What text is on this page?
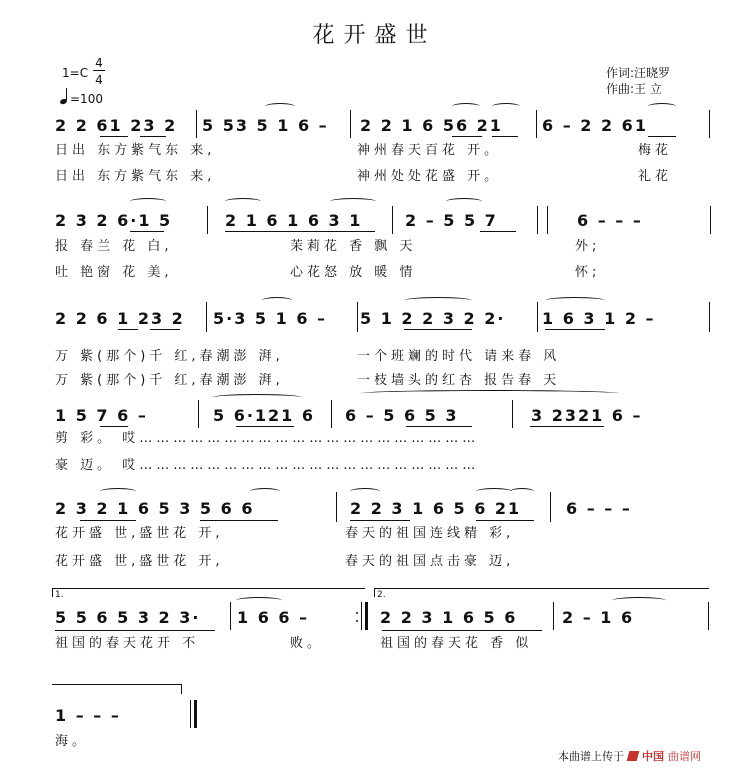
花开盛世
作词:汪晓罗
作曲:王 立
1=C
4
4
=100
2 2 61 23 2 5 53 5 1 6 – 2 2 1 6 56 21 6 – 2 2 61
日出 东方紫气东 来,	神州春天百花 开。	梅花
日出 东方紫气东 来,	神州处处花盛 开。	礼花
2 3 2 6·1 5	2 1 6 1 6 3 1	2 – 5 5 7	6 – – –
报 春兰 花 白,	茉莉花 香 飘 天	外;
吐 艳窗 花 美,	心花怒 放 暖 情	怀;
2 2 6 1 23 2 5·3 5 1 6 – 5 1 2 2 3 2 2· 1 6 3 1 2 –
万 紫(那个)千 红,春潮澎 湃,	一个班斓的时代 请来春 风
万 紫(那个)千 红,春潮澎 湃,	一枝墙头的红杏 报告春 天
1 5 7 6 –	5 6·121 6 6 – 5 6 5 3	3 2321 6 –
剪 彩。 哎……………………………………………………
豪 迈。 哎……………………………………………………
2 3 2 1 6 5 3 5 6 6	2 2 3 1 6 5 6 21	6 – – –
花开盛 世,盛世花 开,	春天的祖国连线精 彩,
花开盛 世,盛世花 开,	春天的祖国点击豪 迈,
1.	2.
5 5 6 5 3 2 3· 1 6 6 –	2 2 3 1 6 5 6	2 – 1 6
祖国的春天花开 不	败。	祖国的春天花 香 似
1 – – –
海。
本曲谱上传于 中国 曲谱网
